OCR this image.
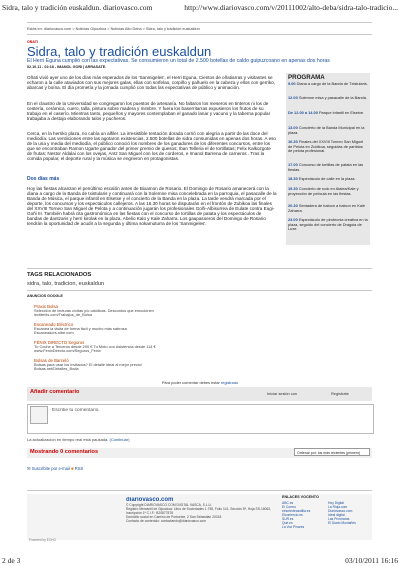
Sidra, talo y tradición euskaldun. diariovasco.com	http://www.diariovasco.com/v/20111002/alto-deba/sidra-talo-tradicio...
Estás en: diariovasco.com > Noticias Gipuzkoa > Noticias Alto Deba > Sidra, talo y tradición euskaldun
OÑATI
Sidra, talo y tradición euskaldun
El Herri Eguna cumplió con las expectativas. Se consumieron un total de 2.500 botellas de caldo guipuzcoano en apenas dos horas
02.10.11 - 02:18 - IMANOL GOÑI | ARRASATE.
Oñati vivió ayer uno de los días más esperados de los 'Sanmigeles', el Herri Eguna. Cientos de oñatiarras y visitantes se echaron a la calle ataviados con sus mejores galas, ellas con sorfelao, corpiño y pañuelo en la cabeza y ellos con gerriko, abarcas y boína. El día prometía y la jornada cumplió con todas las expectativas de público y animación.
En el claustro de la Universidad se congregaron los puestos de artesanía. No faltaron los meseros en tinteros ni los de cestería, cerámica, cuero, talla, pintura sobre madera y mimbre. Y fuera los baserritarras expusieron los frutos de su trabajo en el caserío. Mientras tanto, pequeños y mayores contemplaban el ganado lanar y vacuno y la taberna popular trabajaba a destajo elaborando talos y pucheros.
Cerca, en la herriko plaza, no cabía un alfiler. La irresistible tentación dorada corrió con alegría a partir de las doce del mediodía. Las ventiiciones entre las agotaron existencias, 2.500 botellas de sidra consumidas en apenas dos horas. A eso de la una y media del mediodía, el público conoció los nombres de los ganadores de los diferentes concursos, entre los que se encontraban Ramon Ugarte ganador del primer premio de quesos; Iban Telleria el de tortillatas; Felix Kalkozgote de frutas; Nestor Aldalai con los ovejas, Antz San Miguel con los de corderos, e Imanol Barrena de carneros . Tras la comida popular, el deporte rural y la música se engrieron en protagonistas.
Dos días más
Hoy las fiestas alcanzan el penúltimo escalón antes de Bixamon de Rosario. El Domingo de Rosario amanecerá con la diana a cargo de la Banda de txistularis y continuará con la Solemne misa concelebrada en la parroquia, el pasacalle de la Banda de Música, el parque infantil en Elsetxe y el concierto de la Banda en la plaza. La tarde vendrá marcada por el deporte, los concursos y los espectáculos callejeros. A las 16.30 horas se disputarán en el frontón de Zubikoa las finales del XXVIII Torneo San Miguel de Pelota y a continuación jugarán los profesionales Goñi-Albisurrea de Eulate contra Eugi- Goñi III. También habrá cita gastronómica en las fiestas con el concurso de tortillas de patata y los espectáculos de bandas de dantzaris y herri kirolak en la plaza. Abelio Kalo y Kale Zaharra. Los gaupasoeros del Domingo de Rosario tendrán la oportunidad de acudir a la segunda y última sokamuturra de los 'Sanmigeles'.
PROGRAMA
9.00 Diana a cargo de la Banda de Txistularis.
12.00 Solemne misa y pasacalle de la Banda.
De 12.00 a 14.00 Parque infantil en Elsetxe.
13.00 Concierto de la Banda Municipal en la plaza.
16.30 Finales del XXVIII Torneo San Miguel de Pelota en Zubikoa, seguidas de partidos de pelota profesional.
17.00 Concurso de tortillas de patata en las fiestas.
18.30 Espectáculo de calle en la plaza.
19.30 Concierto de rock en Atalea/Kale y proyección de película en las fiestas.
20.30 Sentadera de baloon a balcon en Kale Zaharra.
23.00 Espectáculo de pirotecnia creativa en la plaza, seguido del concierto de Dragoia de Luxe.
TAGS RELACIONADOS
sidra, talo, tradicion, euskaldun
ANUNCIOS GOOGLE
Praxis Bolsa
Selección de lecturas cívitas y/o católicas. Descuntos que emocionen
lectiterlis.com/Trabajos_de_Bolsa
Escaneado Eléctrico
Escanea la visita de forma fácil y mucho más sabrosa
Escaneadors-sibe.com
FÉNIX DIRECTO Seguros
Tu Coche a Terceros desde 200 € Tu Moto con Asistencia desde 114 €
www.FenixDirecto.com/Seguros_Fenix
Bolsas de Barceló
Bolsas para usar los invitados? El detalle ideal al mejor precio!
Bolsas.net/Detalles_Boda
Para poder comentar debes estar registrado
Añadir comentario	Iniciar sesión con	Registrate
Escribe tu comentario.
La actualización en tiempo real está pausada. (Continuar)
Mostrando 0 comentarios	Ordenar por: los más recientes (primero)
✉ Suscribite por e-mail ■ RSS
Powered by ECHO
diariovasco.com
© Copyright DIARIOVASCO.COM DIGITAL VASCA, S.L.U.
Registro Mercantil de Gipuzkoa: Libro de Sociedades 1.798, Folio 141, Sección 8ª, Hoja SS-16062, Inscripción 1ª C.I.F.: B20877878
Domicilio social en Camino de Portuetxe, 2 San Sebastián 20018
Contacto de contenido: contactando@diariovasco.com
ENLACES VOCENTO
ABC.es
El Correo
elnortedecastilla.es
Elcomercio.es
SUR.es
Qué.es
La Voz Pinares
Hoy Digital
La Rioja.com
Diariovasco.com
Ideal digital
Las Provincias
El Diario Montañés
2 de 3	03/10/2011 16:16
